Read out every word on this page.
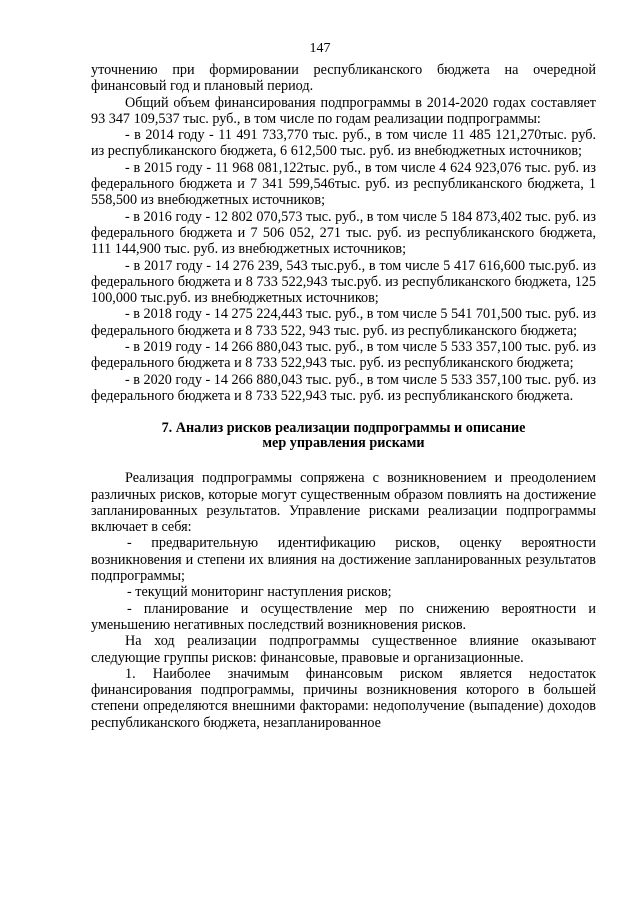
147

уточнению при формировании республиканского бюджета на очередной финансовый год и плановый период.

Общий объем финансирования подпрограммы в 2014-2020 годах составляет 93 347 109,537 тыс. руб., в том числе по годам реализации подпрограммы:

- в 2014 году - 11 491 733,770 тыс. руб., в том числе 11 485 121,270тыс. руб. из республиканского бюджета, 6 612,500 тыс. руб. из внебюджетных источников;

- в 2015 году - 11 968 081,122тыс. руб., в том числе 4 624 923,076 тыс. руб. из федерального бюджета и 7 341 599,546тыс. руб. из республиканского бюджета, 1 558,500 из внебюджетных источников;

- в 2016 году - 12 802 070,573 тыс. руб., в том числе 5 184 873,402 тыс. руб. из федерального бюджета и 7 506 052, 271 тыс. руб. из республиканского бюджета, 111 144,900 тыс. руб. из внебюджетных источников;

- в 2017 году - 14 276 239, 543 тыс.руб., в том числе 5 417 616,600 тыс.руб. из федерального бюджета и 8 733 522,943 тыс.руб. из республиканского бюджета, 125 100,000 тыс.руб. из внебюджетных источников;

- в 2018 году - 14 275 224,443 тыс. руб., в том числе 5 541 701,500 тыс. руб. из федерального бюджета и 8 733 522, 943 тыс. руб. из республиканского бюджета;

- в 2019 году - 14 266 880,043 тыс. руб., в том числе 5 533 357,100 тыс. руб. из федерального бюджета и 8 733 522,943 тыс. руб. из республиканского бюджета;

- в 2020 году - 14 266 880,043 тыс. руб., в том числе 5 533 357,100 тыс. руб. из федерального бюджета и 8 733 522,943 тыс. руб. из республиканского бюджета.

7. Анализ рисков реализации подпрограммы и описание
мер управления рисками

Реализация подпрограммы сопряжена с возникновением и преодолением различных рисков, которые могут существенным образом повлиять на достижение запланированных результатов. Управление рисками реализации подпрограммы включает в себя:

- предварительную идентификацию рисков, оценку вероятности возникновения и степени их влияния на достижение запланированных результатов подпрограммы;

- текущий мониторинг наступления рисков;

- планирование и осуществление мер по снижению вероятности и уменьшению негативных последствий возникновения рисков.

На ход реализации подпрограммы существенное влияние оказывают следующие группы рисков: финансовые, правовые и организационные.

1. Наиболее значимым финансовым риском является недостаток финансирования подпрограммы, причины возникновения которого в большей степени определяются внешними факторами: недополучение (выпадение) доходов республиканского бюджета, незапланированное
